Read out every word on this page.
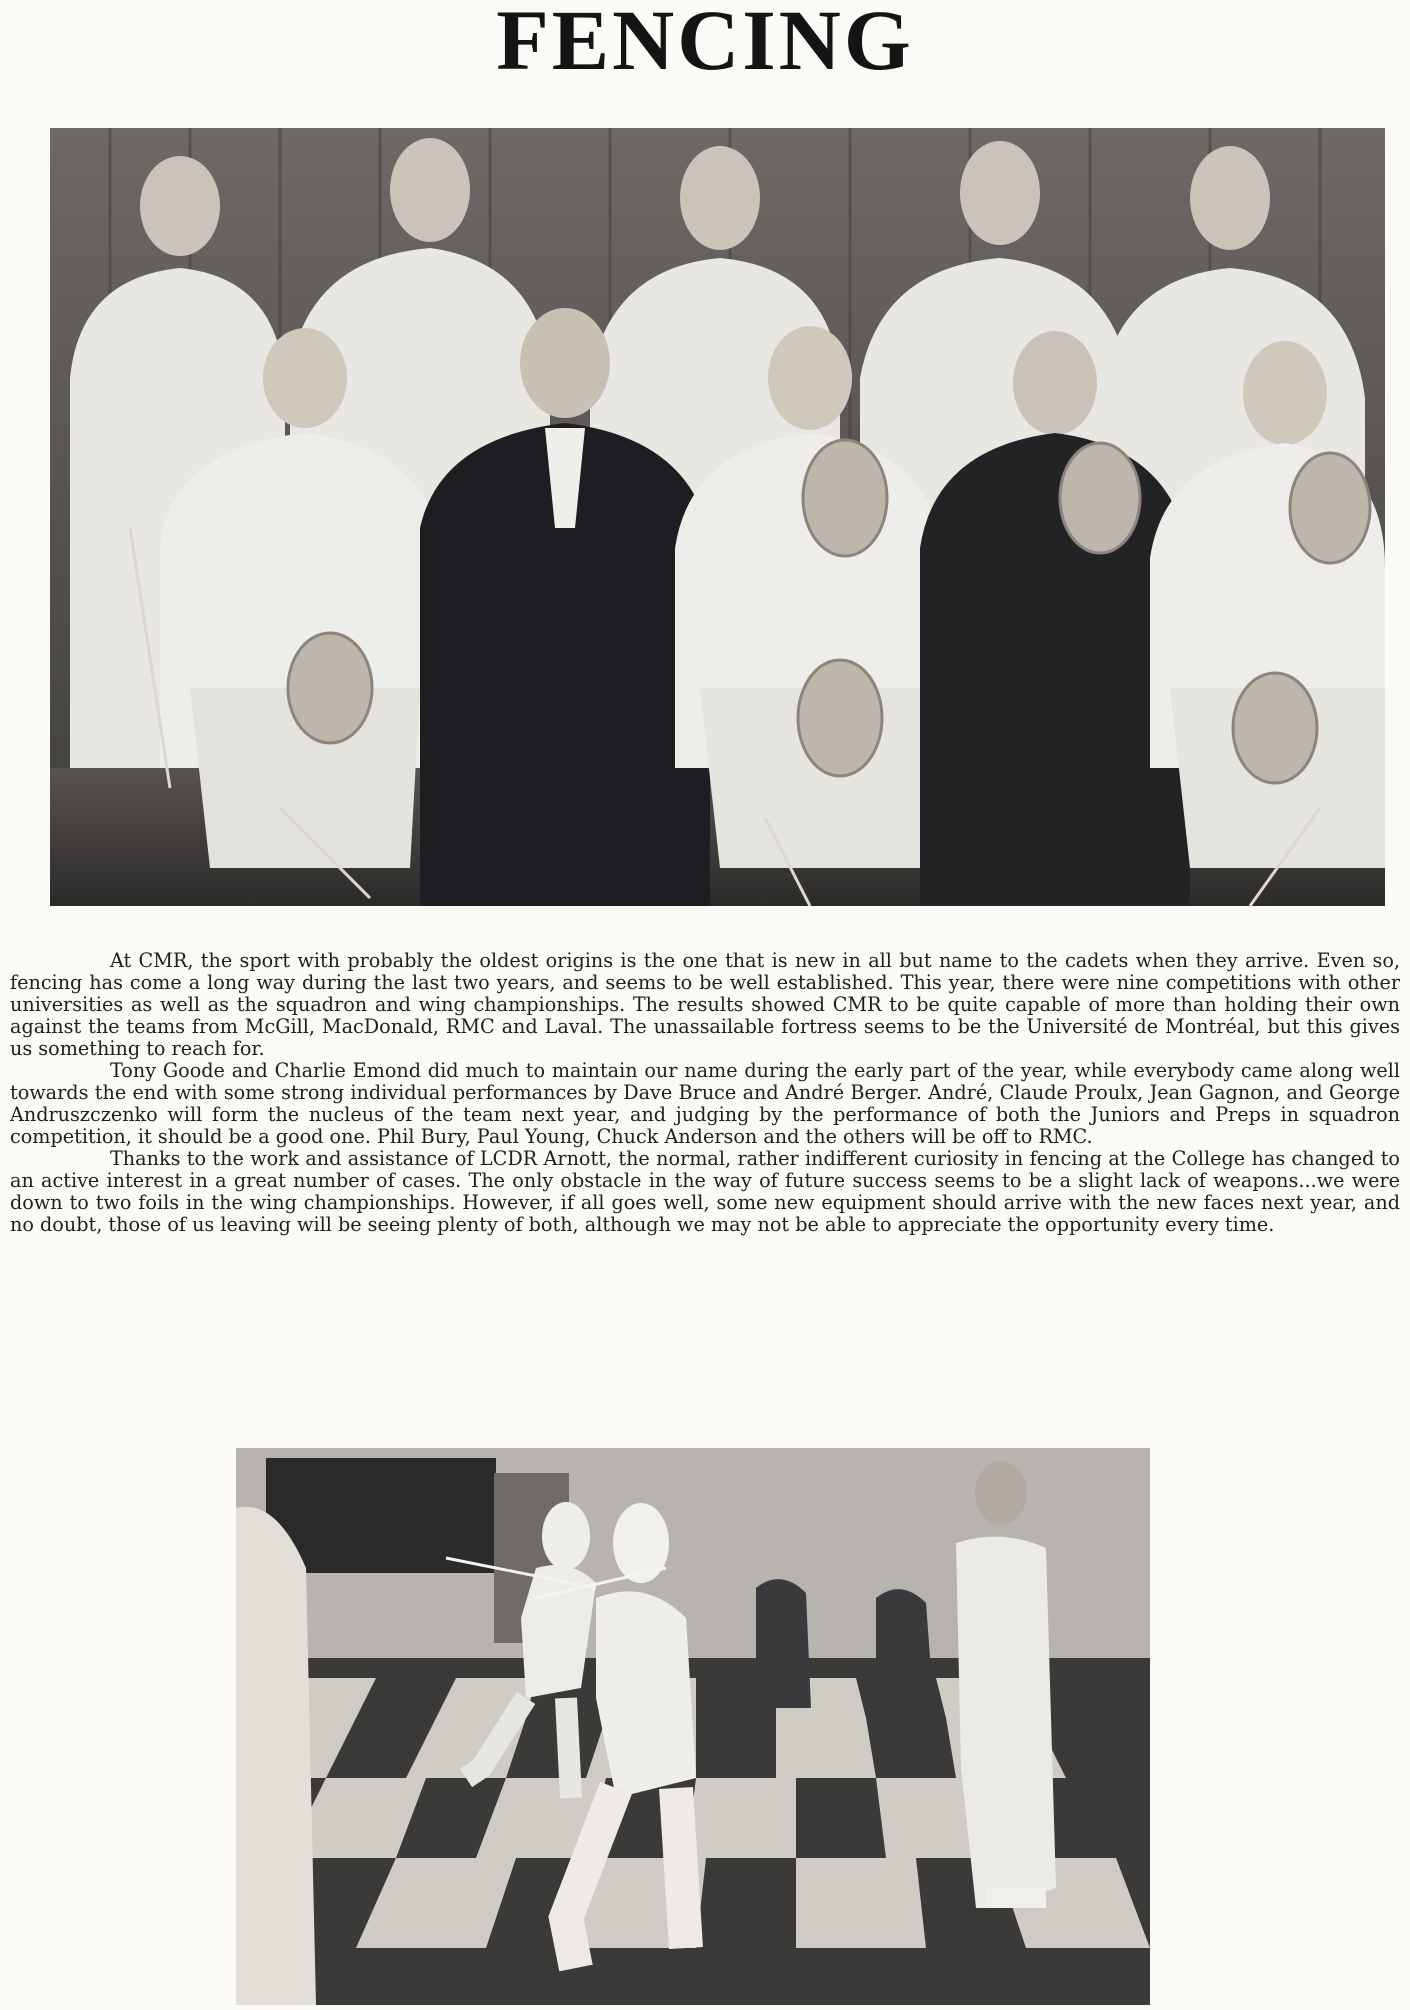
FENCING

At CMR, the sport with probably the oldest origins is the one that is new in all but name to the cadets when they arrive. Even so, fencing has come a long way during the last two years, and seems to be well established. This year, there were nine competitions with other universities as well as the squadron and wing championships. The results showed CMR to be quite capable of more than holding their own against the teams from McGill, MacDonald, RMC and Laval. The unassailable fortress seems to be the Université de Montréal, but this gives us something to reach for.

Tony Goode and Charlie Emond did much to maintain our name during the early part of the year, while everybody came along well towards the end with some strong individual performances by Dave Bruce and André Berger. André, Claude Proulx, Jean Gagnon, and George Andruszczenko will form the nucleus of the team next year, and judging by the performance of both the Juniors and Preps in squadron competition, it should be a good one. Phil Bury, Paul Young, Chuck Anderson and the others will be off to RMC.

Thanks to the work and assistance of LCDR Arnott, the normal, rather indifferent curiosity in fencing at the College has changed to an active interest in a great number of cases. The only obstacle in the way of future success seems to be a slight lack of weapons...we were down to two foils in the wing championships. However, if all goes well, some new equipment should arrive with the new faces next year, and no doubt, those of us leaving will be seeing plenty of both, although we may not be able to appreciate the opportunity every time.
